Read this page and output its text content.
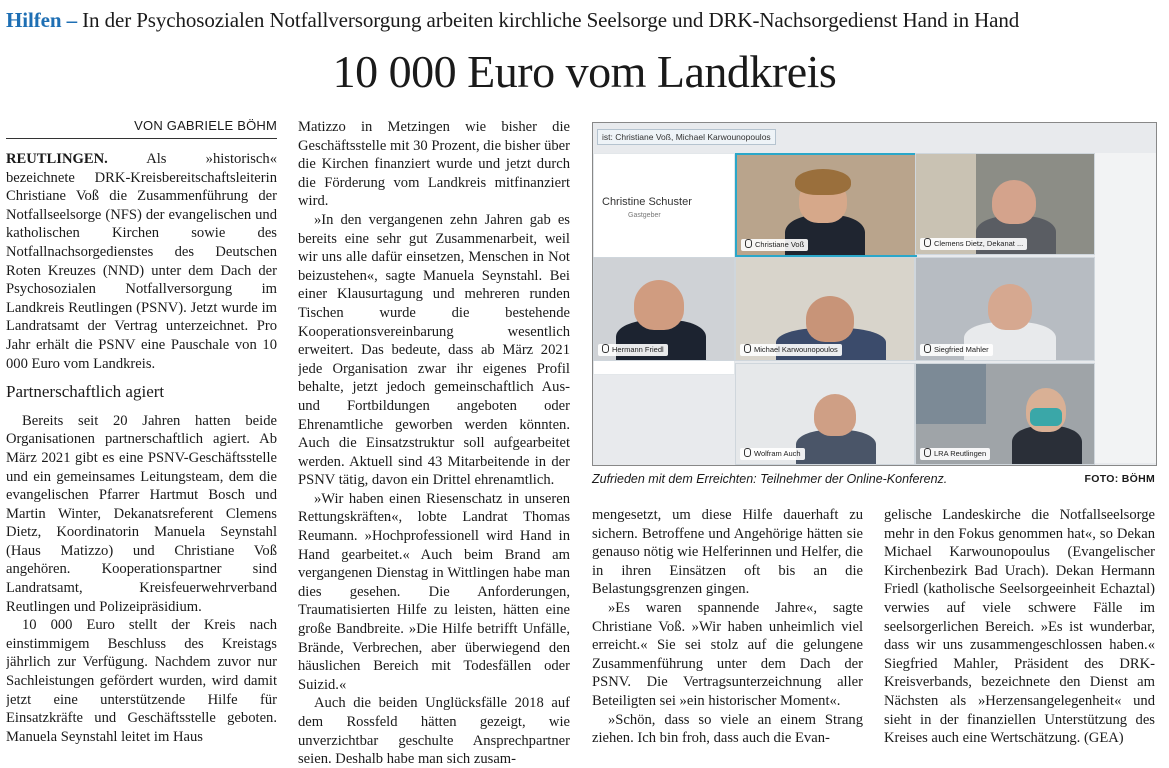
Hilfen – In der Psychosozialen Notfallversorgung arbeiten kirchliche Seelsorge und DRK-Nachsorgedienst Hand in Hand
10 000 Euro vom Landkreis
VON GABRIELE BÖHM

REUTLINGEN.	Als »historisch« bezeichnete DRK-Kreisbereitschaftsleiterin Christiane Voß die Zusammenführung der Notfallseelsorge (NFS) der evangelischen und katholischen Kirchen sowie des Notfallnachsorgedienstes des Deutschen Roten Kreuzes (NND) unter dem Dach der Psychosozialen Notfallversorgung im Landkreis Reutlingen (PSNV). Jetzt wurde im Landratsamt der Vertrag unterzeichnet. Pro Jahr erhält die PSNV eine Pauschale von 10 000 Euro vom Landkreis.

Partnerschaftlich agiert

Bereits seit 20 Jahren hatten beide Organisationen partnerschaftlich agiert. Ab März 2021 gibt es eine PSNV-Geschäftsstelle und ein gemeinsames Leitungsteam, dem die evangelischen Pfarrer Hartmut Bosch und Martin Winter, Dekanatsreferent Clemens Dietz, Koordinatorin Manuela Seynstahl (Haus Matizzo) und Christiane Voß angehören. Kooperationspartner sind Landratsamt, Kreisfeuerwehrverband Reutlingen und Polizeipräsidium.

10 000 Euro stellt der Kreis nach einstimmigem Beschluss des Kreistags jährlich zur Verfügung. Nachdem zuvor nur Sachleistungen gefördert wurden, wird damit jetzt eine unterstützende Hilfe für Einsatzkräfte und Geschäftsstelle geboten. Manuela Seynstahl leitet im Haus

Matizzo in Metzingen wie bisher die Geschäftsstelle mit 30 Prozent, die bisher über die Kirchen finanziert wurde und jetzt durch die Förderung vom Landkreis mitfinanziert wird.

»In den vergangenen zehn Jahren gab es bereits eine sehr gut Zusammenarbeit, weil wir uns alle dafür einsetzen, Menschen in Not beizustehen«, sagte Manuela Seynstahl. Bei einer Klausurtagung und mehreren runden Tischen wurde die bestehende Kooperationsvereinbarung wesentlich erweitert. Das bedeute, dass ab März 2021 jede Organisation zwar ihr eigenes Profil behalte, jetzt jedoch gemeinschaftlich Aus- und Fortbildungen angeboten oder Ehrenamtliche geworben werden könnten. Auch die Einsatzstruktur soll aufgearbeitet werden. Aktuell sind 43 Mitarbeitende in der PSNV tätig, davon ein Drittel ehrenamtlich.

»Wir haben einen Riesenschatz in unseren Rettungskräften«, lobte Landrat Thomas Reumann. »Hochprofessionell wird Hand in Hand gearbeitet.« Auch beim Brand am vergangenen Dienstag in Wittlingen habe man dies gesehen. Die Anforderungen, Traumatisierten Hilfe zu leisten, hätten eine große Bandbreite. »Die Hilfe betrifft Unfälle, Brände, Verbrechen, aber überwiegend den häuslichen Bereich mit Todesfällen oder Suizid.«

Auch die beiden Unglücksfälle 2018 auf dem Rossfeld hätten gezeigt, wie unverzichtbar geschulte Ansprechpartner seien. Deshalb habe man sich zusam-

ist: Christiane Voß, Michael Karwounopoulos
Christine Schuster
Gastgeber
Christiane Voß	Clemens Dietz, Dekanat ...
Hermann Friedl	Michael Karwounopoulos	Siegfried Mahler
Wolfram Auch	LRA Reutlingen
Zufrieden mit dem Erreichten: Teilnehmer der Online-Konferenz.	FOTO: BÖHM

mengesetzt, um diese Hilfe dauerhaft zu sichern. Betroffene und Angehörige hätten sie genauso nötig wie Helferinnen und Helfer, die in ihren Einsätzen oft bis an die Belastungsgrenzen gingen.

»Es waren spannende Jahre«, sagte Christiane Voß. »Wir haben unheimlich viel erreicht.« Sie sei stolz auf die gelungene Zusammenführung unter dem Dach der PSNV. Die Vertragsunterzeichnung aller Beteiligten sei »ein historischer Moment«.

»Schön, dass so viele an einem Strang ziehen. Ich bin froh, dass auch die Evan-

gelische Landeskirche die Notfallseelsorge mehr in den Fokus genommen hat«, so Dekan Michael Karwounopoulus (Evangelischer Kirchenbezirk Bad Urach). Dekan Hermann Friedl (katholische Seelsorgeeinheit Echaztal) verwies auf viele schwere Fälle im seelsorgerlichen Bereich. »Es ist wunderbar, dass wir uns zusammengeschlossen haben.« Siegfried Mahler, Präsident des DRK-Kreisverbands, bezeichnete den Dienst am Nächsten als »Herzensangelegenheit« und sieht in der finanziellen Unterstützung des Kreises auch eine Wertschätzung. (GEA)
